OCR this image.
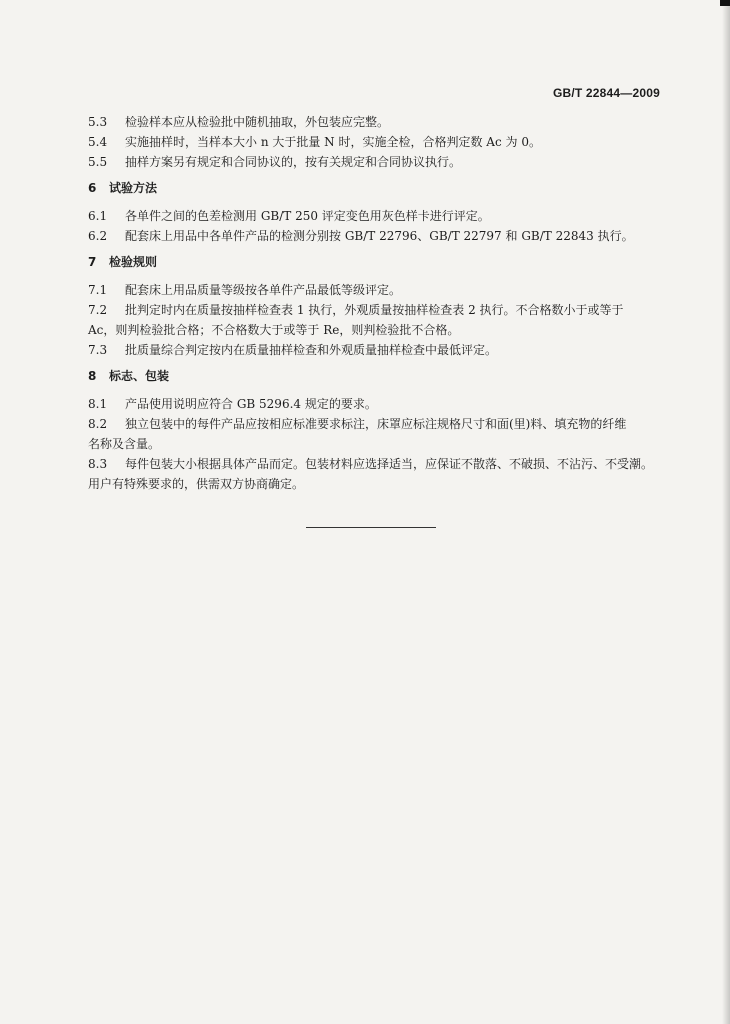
GB/T 22844—2009

5.3 检验样本应从检验批中随机抽取，外包装应完整。

5.4 实施抽样时，当样本大小 n 大于批量 N 时，实施全检，合格判定数 Ac 为 0。

5.5 抽样方案另有规定和合同协议的，按有关规定和合同协议执行。

6 试验方法

6.1 各单件之间的色差检测用 GB/T 250 评定变色用灰色样卡进行评定。

6.2 配套床上用品中各单件产品的检测分别按 GB/T 22796、GB/T 22797 和 GB/T 22843 执行。

7 检验规则

7.1 配套床上用品质量等级按各单件产品最低等级评定。

7.2 批判定时内在质量按抽样检查表 1 执行，外观质量按抽样检查表 2 执行。不合格数小于或等于

Ac，则判检验批合格；不合格数大于或等于 Re，则判检验批不合格。

7.3 批质量综合判定按内在质量抽样检查和外观质量抽样检查中最低评定。

8 标志、包装

8.1 产品使用说明应符合 GB 5296.4 规定的要求。

8.2 独立包装中的每件产品应按相应标准要求标注，床罩应标注规格尺寸和面(里)料、填充物的纤维

名称及含量。

8.3 每件包装大小根据具体产品而定。包装材料应选择适当，应保证不散落、不破损、不沾污、不受潮。

用户有特殊要求的，供需双方协商确定。
